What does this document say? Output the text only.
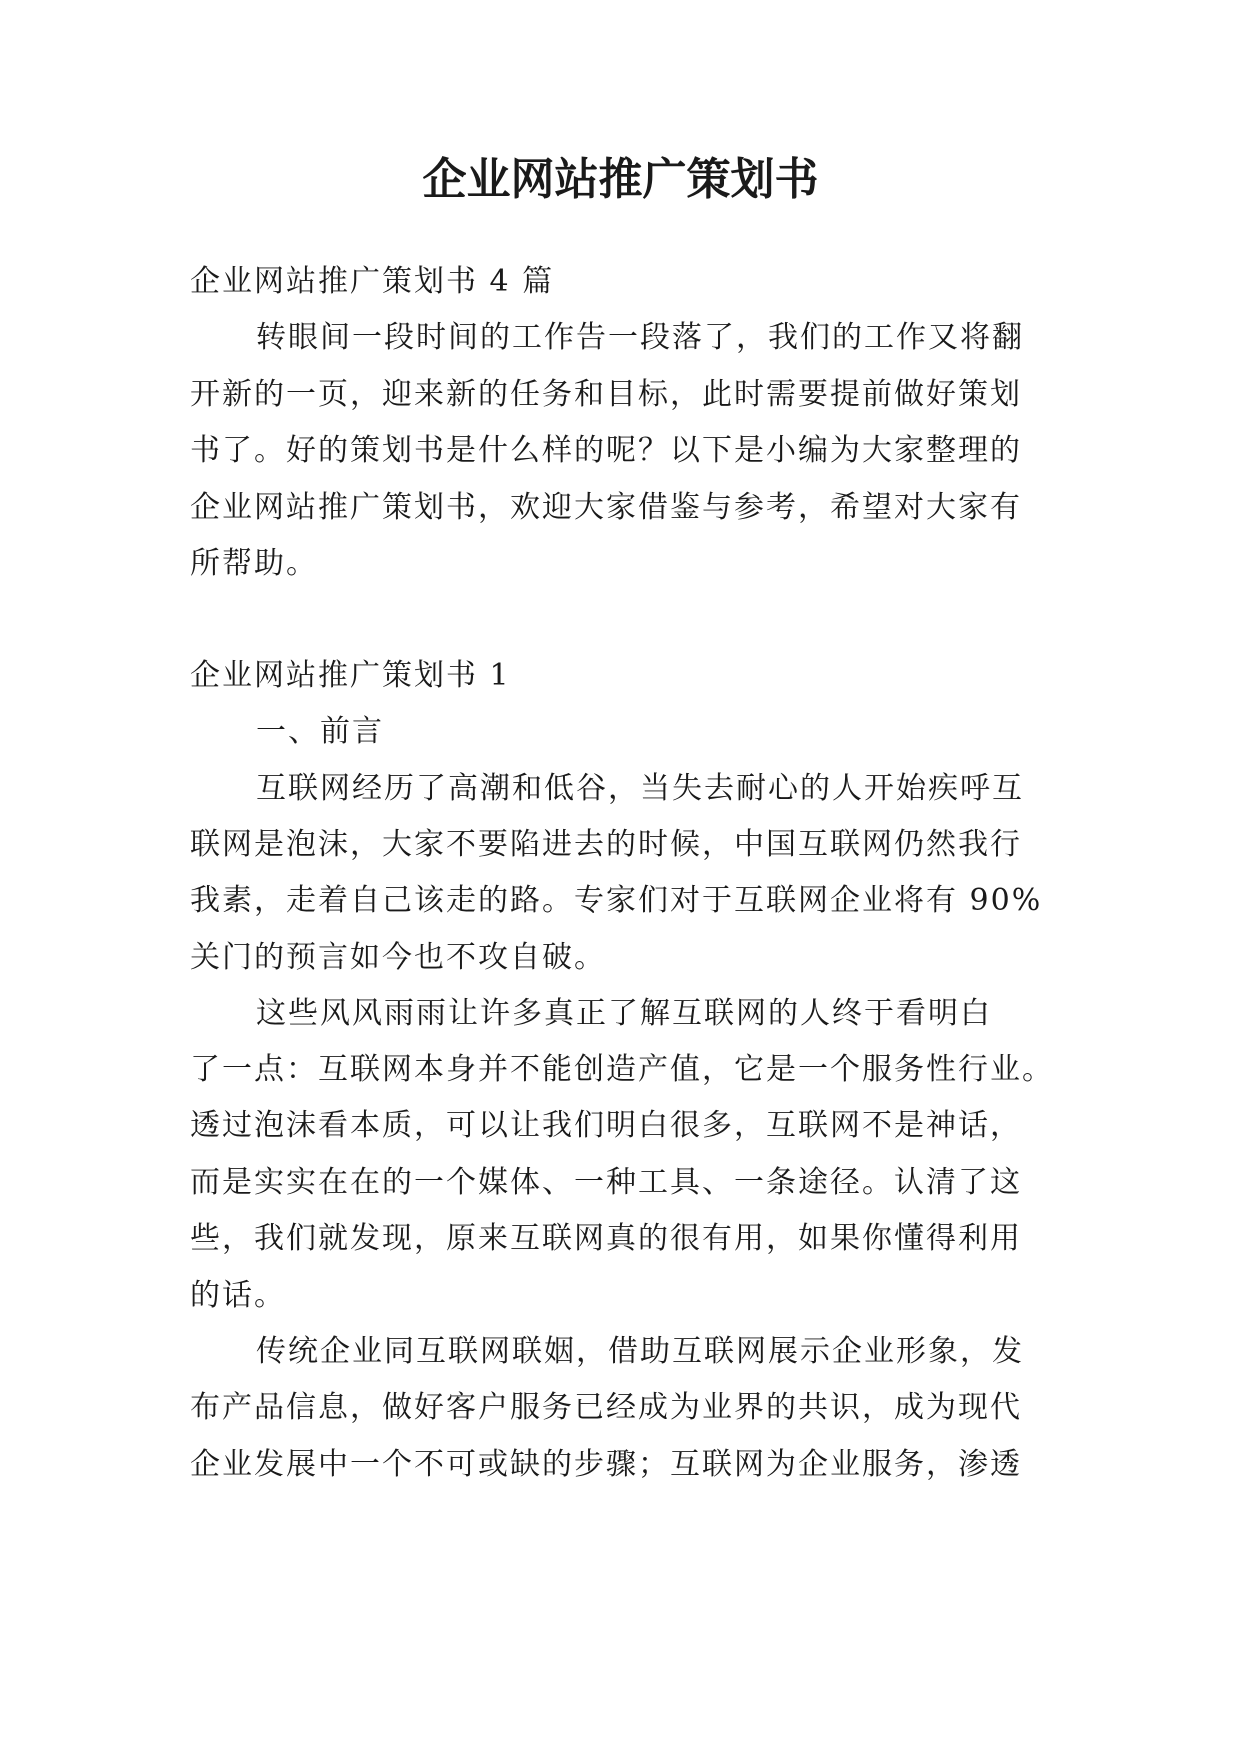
企业网站推广策划书

企业网站推广策划书 4 篇

转眼间一段时间的工作告一段落了，我们的工作又将翻

开新的一页，迎来新的任务和目标，此时需要提前做好策划

书了。好的策划书是什么样的呢？以下是小编为大家整理的

企业网站推广策划书，欢迎大家借鉴与参考，希望对大家有

所帮助。

企业网站推广策划书 1

一、前言

互联网经历了高潮和低谷，当失去耐心的人开始疾呼互

联网是泡沫，大家不要陷进去的时候，中国互联网仍然我行

我素，走着自己该走的路。专家们对于互联网企业将有 90%

关门的预言如今也不攻自破。

这些风风雨雨让许多真正了解互联网的人终于看明白

了一点：互联网本身并不能创造产值，它是一个服务性行业。

透过泡沫看本质，可以让我们明白很多，互联网不是神话，

而是实实在在的一个媒体、一种工具、一条途径。认清了这

些，我们就发现，原来互联网真的很有用，如果你懂得利用

的话。

传统企业同互联网联姻，借助互联网展示企业形象，发

布产品信息，做好客户服务已经成为业界的共识，成为现代

企业发展中一个不可或缺的步骤；互联网为企业服务，渗透
